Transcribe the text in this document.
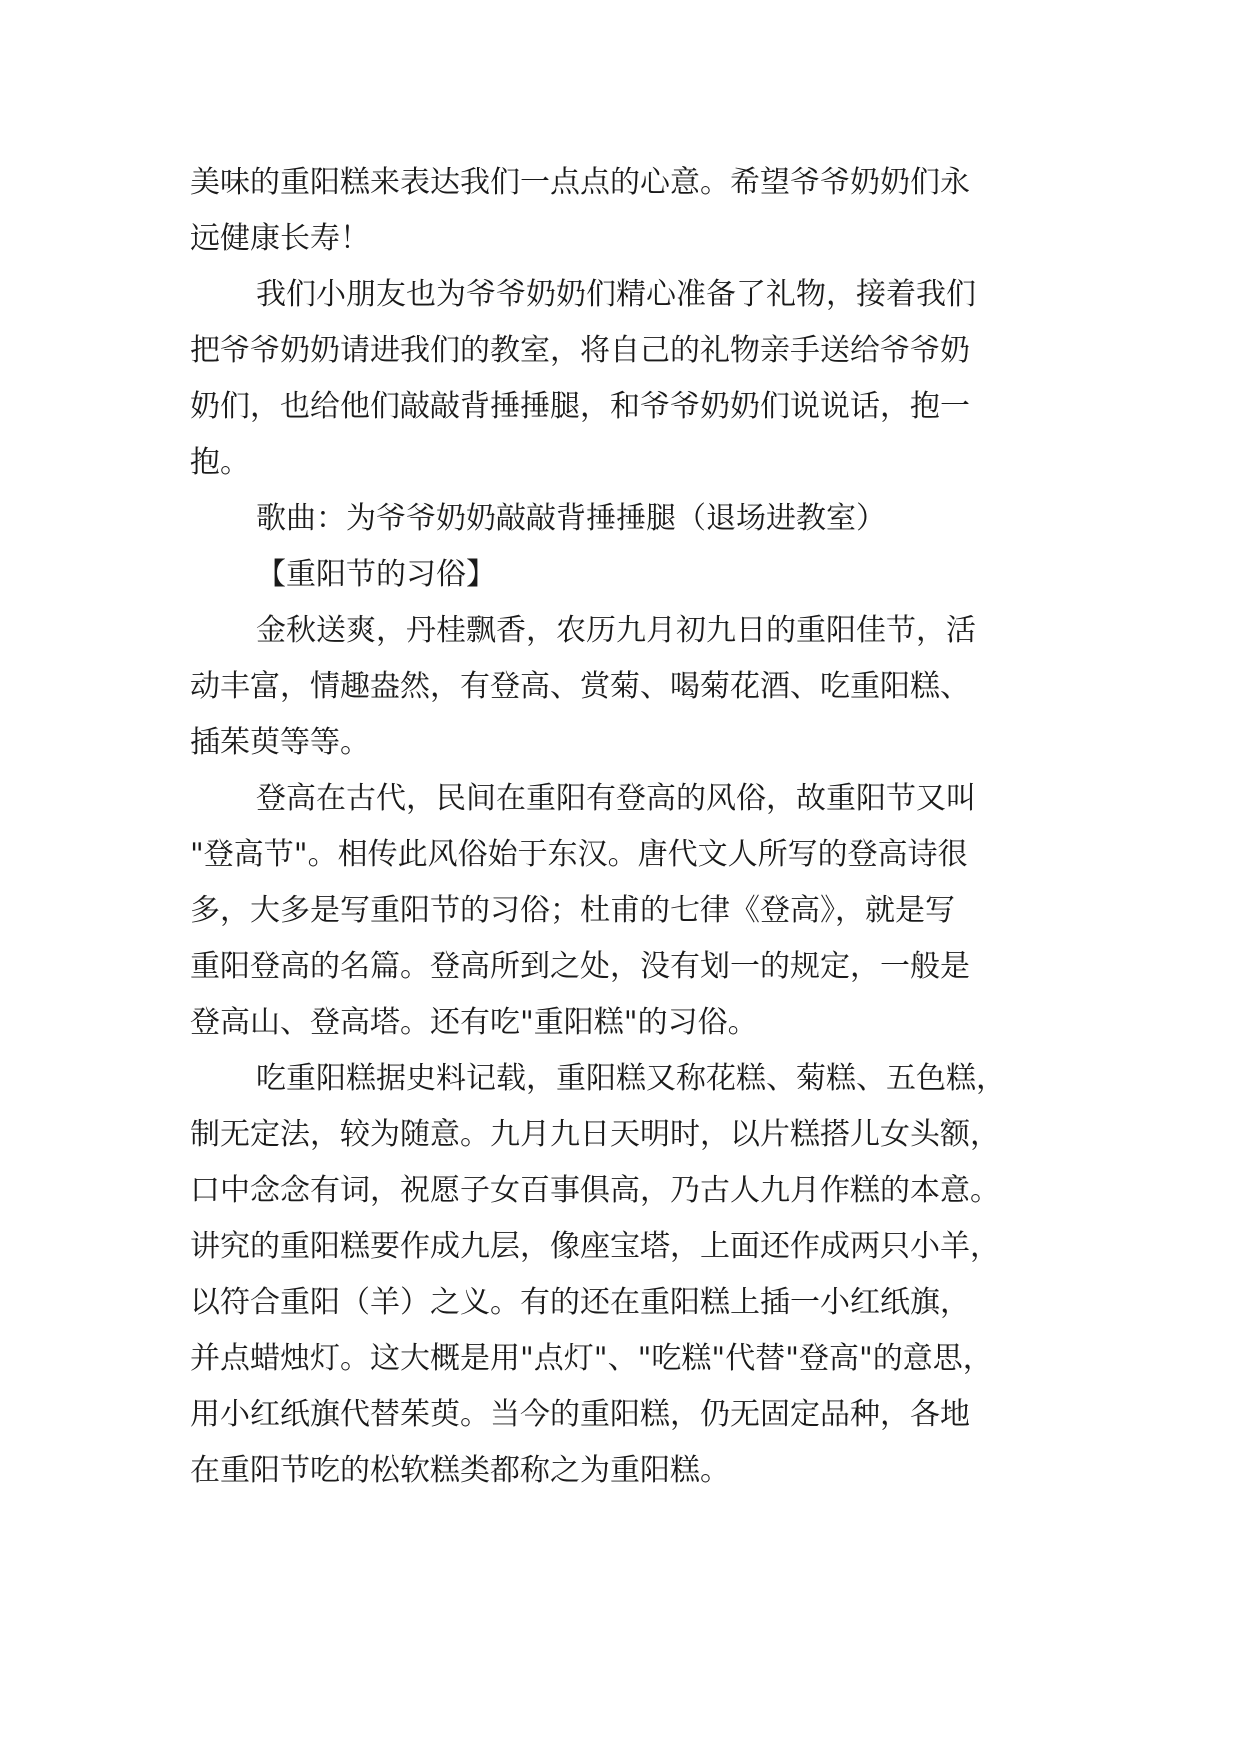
美味的重阳糕来表达我们一点点的心意。希望爷爷奶奶们永
远健康长寿！
我们小朋友也为爷爷奶奶们精心准备了礼物，接着我们
把爷爷奶奶请进我们的教室，将自己的礼物亲手送给爷爷奶
奶们，也给他们敲敲背捶捶腿，和爷爷奶奶们说说话，抱一
抱。
歌曲：为爷爷奶奶敲敲背捶捶腿（退场进教室）
【重阳节的习俗】
金秋送爽，丹桂飘香，农历九月初九日的重阳佳节，活
动丰富，情趣盎然，有登高、赏菊、喝菊花酒、吃重阳糕、
插茱萸等等。
登高在古代，民间在重阳有登高的风俗，故重阳节又叫
"登高节"。相传此风俗始于东汉。唐代文人所写的登高诗很
多，大多是写重阳节的习俗；杜甫的七律《登高》，就是写
重阳登高的名篇。登高所到之处，没有划一的规定，一般是
登高山、登高塔。还有吃"重阳糕"的习俗。
吃重阳糕据史料记载，重阳糕又称花糕、菊糕、五色糕，
制无定法，较为随意。九月九日天明时，以片糕搭儿女头额，
口中念念有词，祝愿子女百事俱高，乃古人九月作糕的本意。
讲究的重阳糕要作成九层，像座宝塔，上面还作成两只小羊，
以符合重阳（羊）之义。有的还在重阳糕上插一小红纸旗，
并点蜡烛灯。这大概是用"点灯"、"吃糕"代替"登高"的意思，
用小红纸旗代替茱萸。当今的重阳糕，仍无固定品种，各地
在重阳节吃的松软糕类都称之为重阳糕。
